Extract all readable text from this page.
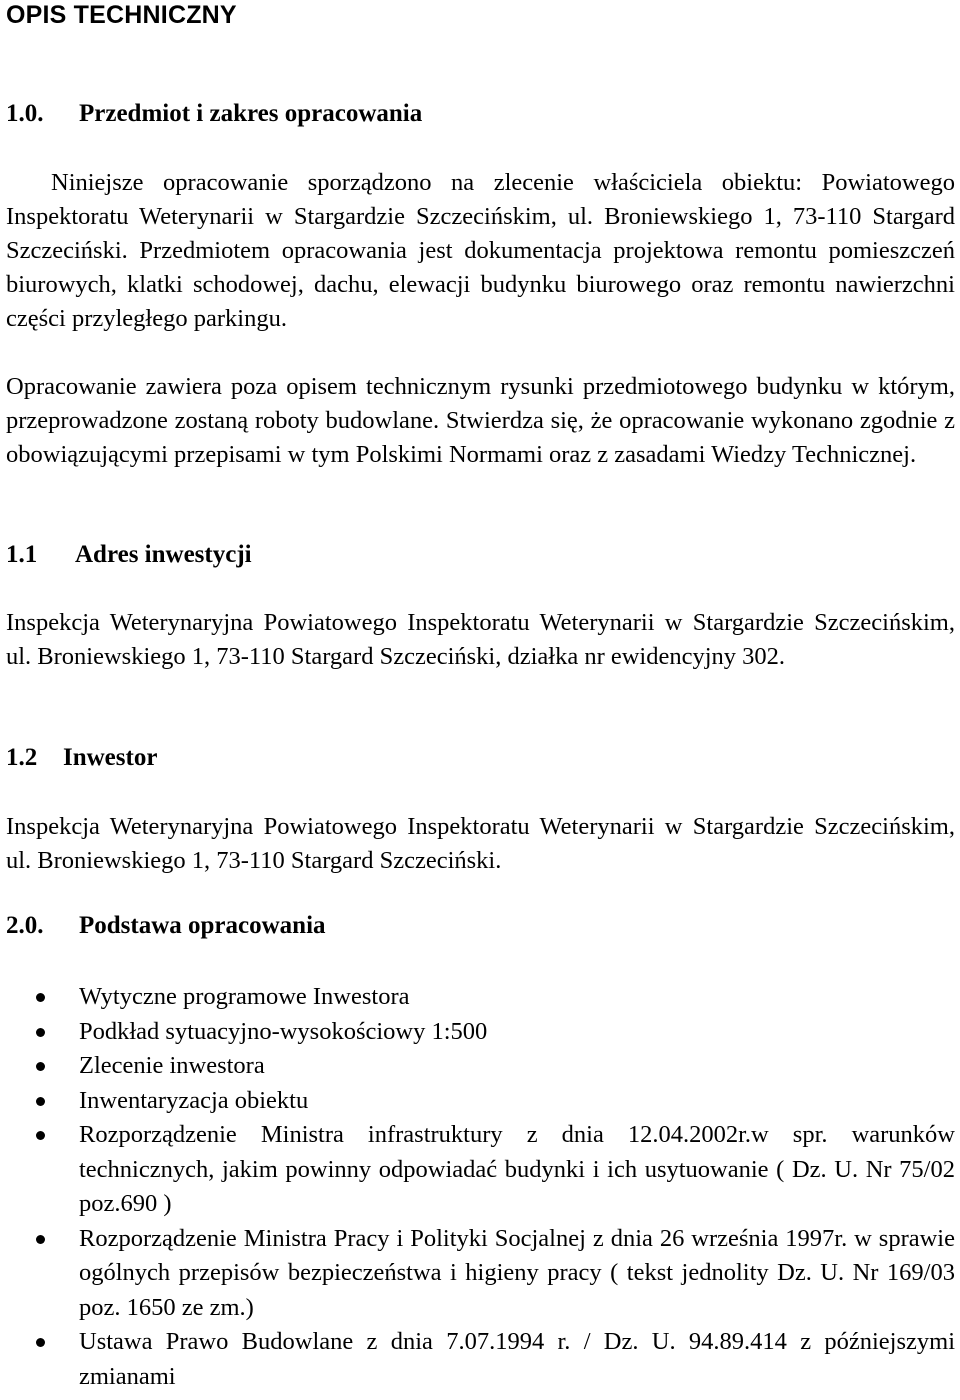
OPIS TECHNICZNY
1.0.	Przedmiot i zakres opracowania

Niniejsze opracowanie sporządzono na zlecenie właściciela obiektu: Powiatowego Inspektoratu Weterynarii w Stargardzie Szczecińskim, ul. Broniewskiego 1, 73-110 Stargard Szczeciński. Przedmiotem opracowania jest dokumentacja projektowa remontu pomieszczeń biurowych, klatki schodowej, dachu, elewacji budynku biurowego oraz remontu nawierzchni części przyległego parkingu.

Opracowanie zawiera poza opisem technicznym rysunki przedmiotowego budynku w którym, przeprowadzone zostaną roboty budowlane. Stwierdza się, że opracowanie wykonano zgodnie z obowiązującymi przepisami w tym Polskimi Normami oraz z zasadami Wiedzy Technicznej.

1.1	Adres inwestycji

Inspekcja Weterynaryjna Powiatowego Inspektoratu Weterynarii w Stargardzie Szczecińskim, ul. Broniewskiego 1, 73-110 Stargard Szczeciński, działka nr ewidencyjny 302.

1.2	Inwestor

Inspekcja Weterynaryjna Powiatowego Inspektoratu Weterynarii w Stargardzie Szczecińskim, ul. Broniewskiego 1, 73-110 Stargard Szczeciński.

2.0.	Podstawa opracowania
Wytyczne programowe Inwestora
Podkład sytuacyjno-wysokościowy 1:500
Zlecenie inwestora
Inwentaryzacja obiektu
Rozporządzenie Ministra infrastruktury z dnia 12.04.2002r.w spr. warunków technicznych, jakim powinny odpowiadać budynki i ich usytuowanie ( Dz. U. Nr 75/02 poz.690 )
Rozporządzenie Ministra Pracy i Polityki Socjalnej z dnia 26 września 1997r. w sprawie ogólnych przepisów bezpieczeństwa i higieny pracy ( tekst jednolity Dz. U. Nr 169/03 poz. 1650 ze zm.)
Ustawa Prawo Budowlane z dnia 7.07.1994 r. / Dz. U. 94.89.414 z późniejszymi zmianami
